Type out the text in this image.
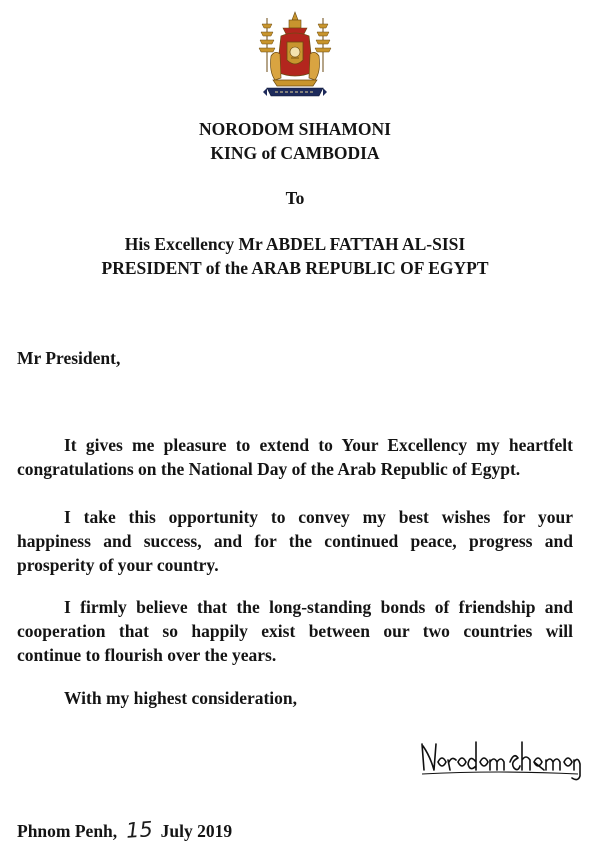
NORODOM SIHAMONI
KING of CAMBODIA
To
His Excellency Mr ABDEL FATTAH AL-SISI
PRESIDENT of the ARAB REPUBLIC OF EGYPT
Mr President,
It gives me pleasure to extend to Your Excellency my heartfelt
congratulations on the National Day of the Arab Republic of Egypt.
I take this opportunity to convey my best wishes for your
happiness and success, and for the continued peace, progress and
prosperity of your country.
I firmly believe that the long-standing bonds of friendship and
cooperation that so happily exist between our two countries will
continue to flourish over the years.
With my highest consideration,
Phnom Penh, 15 July 2019
